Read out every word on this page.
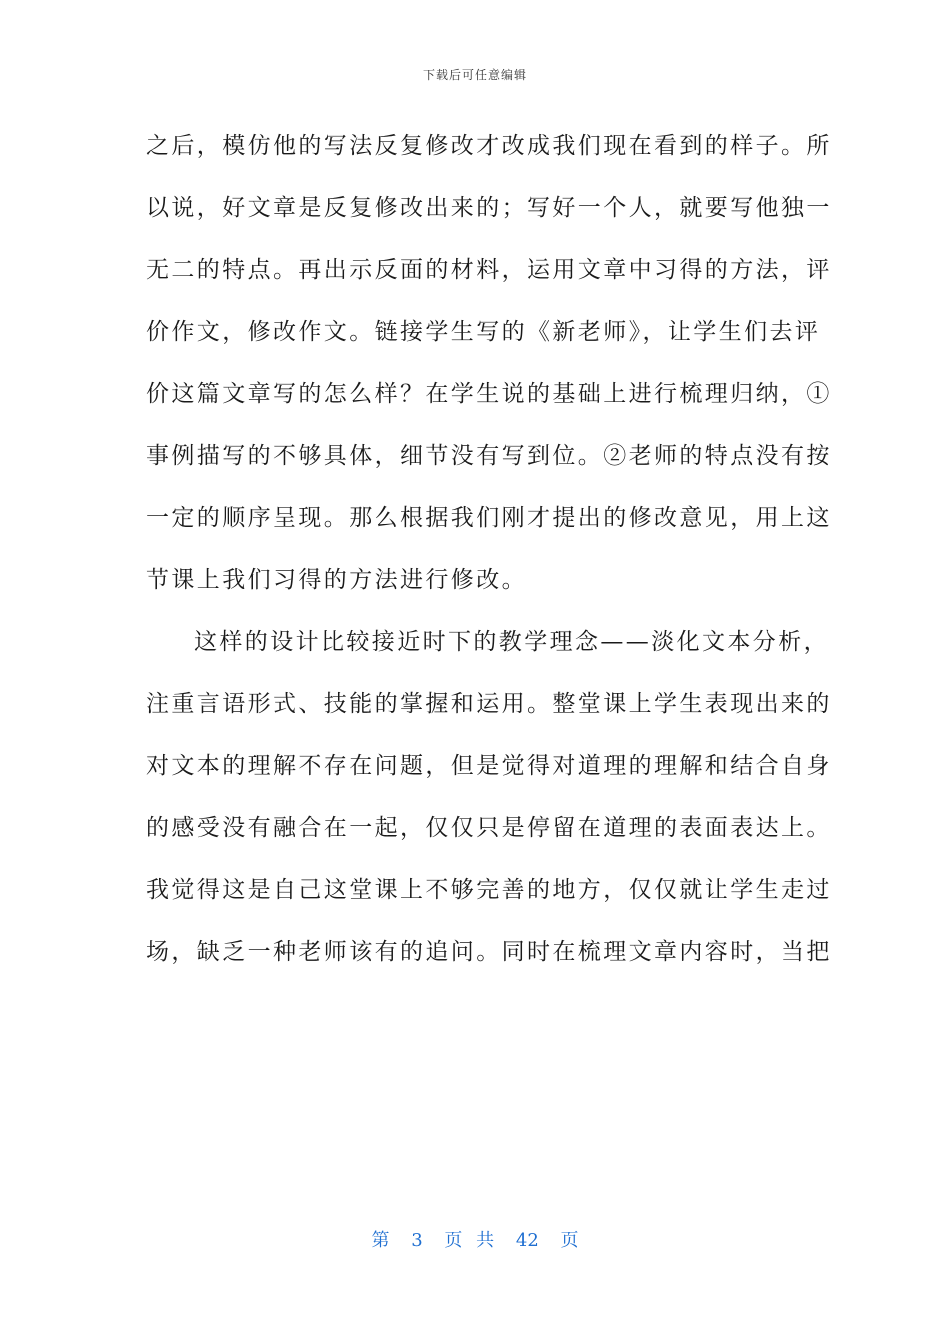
下载后可任意编辑
之后，模仿他的写法反复修改才改成我们现在看到的样子。所
以说，好文章是反复修改出来的；写好一个人，就要写他独一
无二的特点。再出示反面的材料，运用文章中习得的方法，评
价作文，修改作文。链接学生写的《新老师》，让学生们去评
价这篇文章写的怎么样？在学生说的基础上进行梳理归纳，①
事例描写的不够具体，细节没有写到位。②老师的特点没有按
一定的顺序呈现。那么根据我们刚才提出的修改意见，用上这
节课上我们习得的方法进行修改。
这样的设计比较接近时下的教学理念——淡化文本分析，
注重言语形式、技能的掌握和运用。整堂课上学生表现出来的
对文本的理解不存在问题，但是觉得对道理的理解和结合自身
的感受没有融合在一起，仅仅只是停留在道理的表面表达上。
我觉得这是自己这堂课上不够完善的地方，仅仅就让学生走过
场，缺乏一种老师该有的追问。同时在梳理文章内容时，当把
第 3 页 共 42 页
